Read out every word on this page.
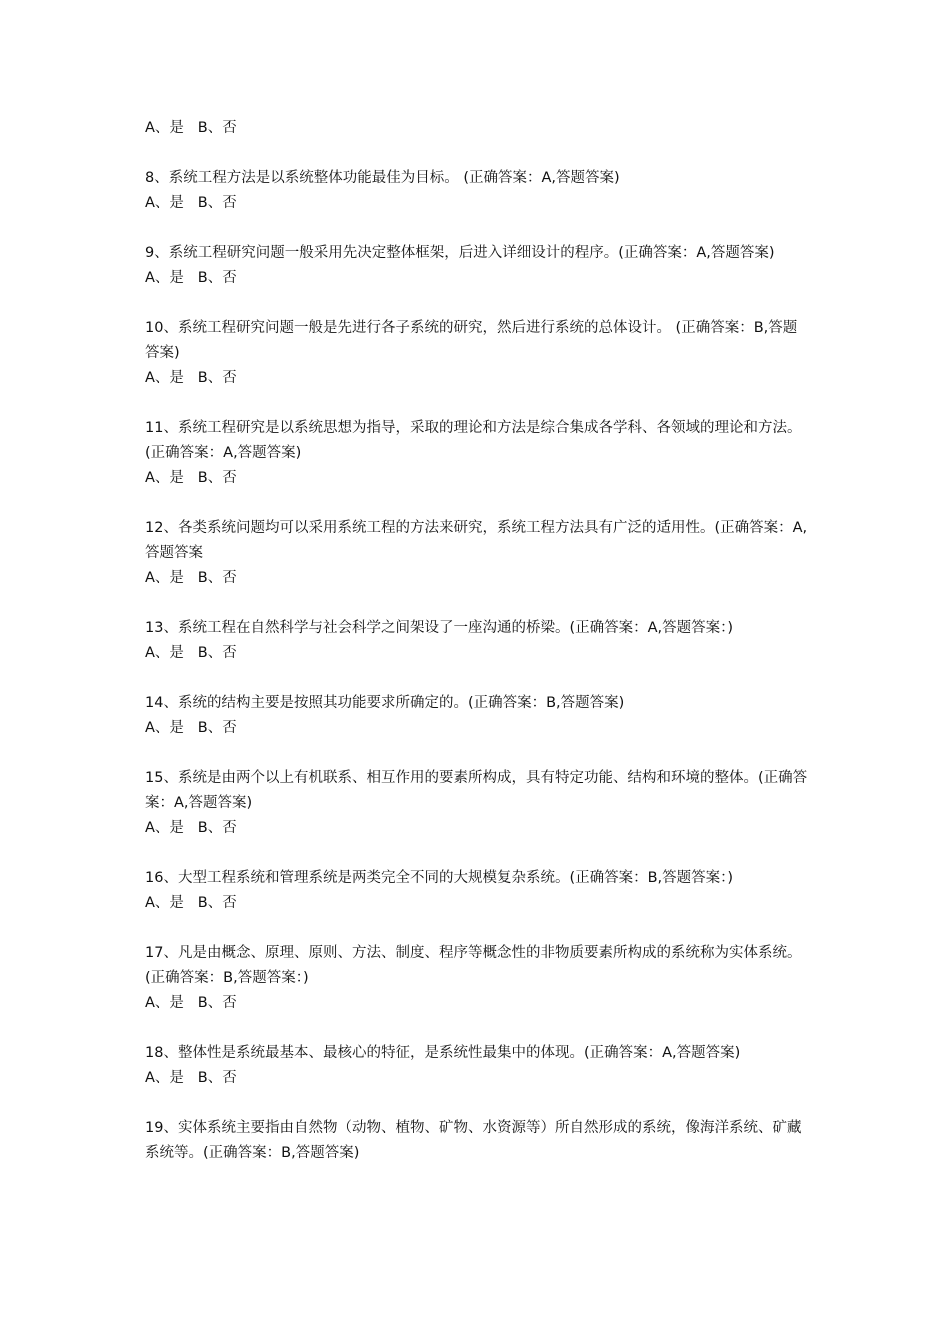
A、是   B、否

8、系统工程方法是以系统整体功能最佳为目标。 (正确答案：A,答题答案)

A、是   B、否

9、系统工程研究问题一般采用先决定整体框架，后进入详细设计的程序。(正确答案：A,答题答案)

A、是   B、否

10、系统工程研究问题一般是先进行各子系统的研究，然后进行系统的总体设计。 (正确答案：B,答题答案)

A、是   B、否

11、系统工程研究是以系统思想为指导，采取的理论和方法是综合集成各学科、各领域的理论和方法。 (正确答案：A,答题答案)

A、是   B、否

12、各类系统问题均可以采用系统工程的方法来研究，系统工程方法具有广泛的适用性。(正确答案：A,答题答案

A、是   B、否

13、系统工程在自然科学与社会科学之间架设了一座沟通的桥梁。(正确答案：A,答题答案：)

A、是   B、否

14、系统的结构主要是按照其功能要求所确定的。(正确答案：B,答题答案)

A、是   B、否

15、系统是由两个以上有机联系、相互作用的要素所构成，具有特定功能、结构和环境的整体。(正确答案：A,答题答案)

A、是   B、否

16、大型工程系统和管理系统是两类完全不同的大规模复杂系统。(正确答案：B,答题答案：)

A、是   B、否

17、凡是由概念、原理、原则、方法、制度、程序等概念性的非物质要素所构成的系统称为实体系统。(正确答案：B,答题答案：)

A、是   B、否

18、整体性是系统最基本、最核心的特征，是系统性最集中的体现。(正确答案：A,答题答案)

A、是   B、否

19、实体系统主要指由自然物（动物、植物、矿物、水资源等）所自然形成的系统，像海洋系统、矿藏系统等。(正确答案：B,答题答案)
